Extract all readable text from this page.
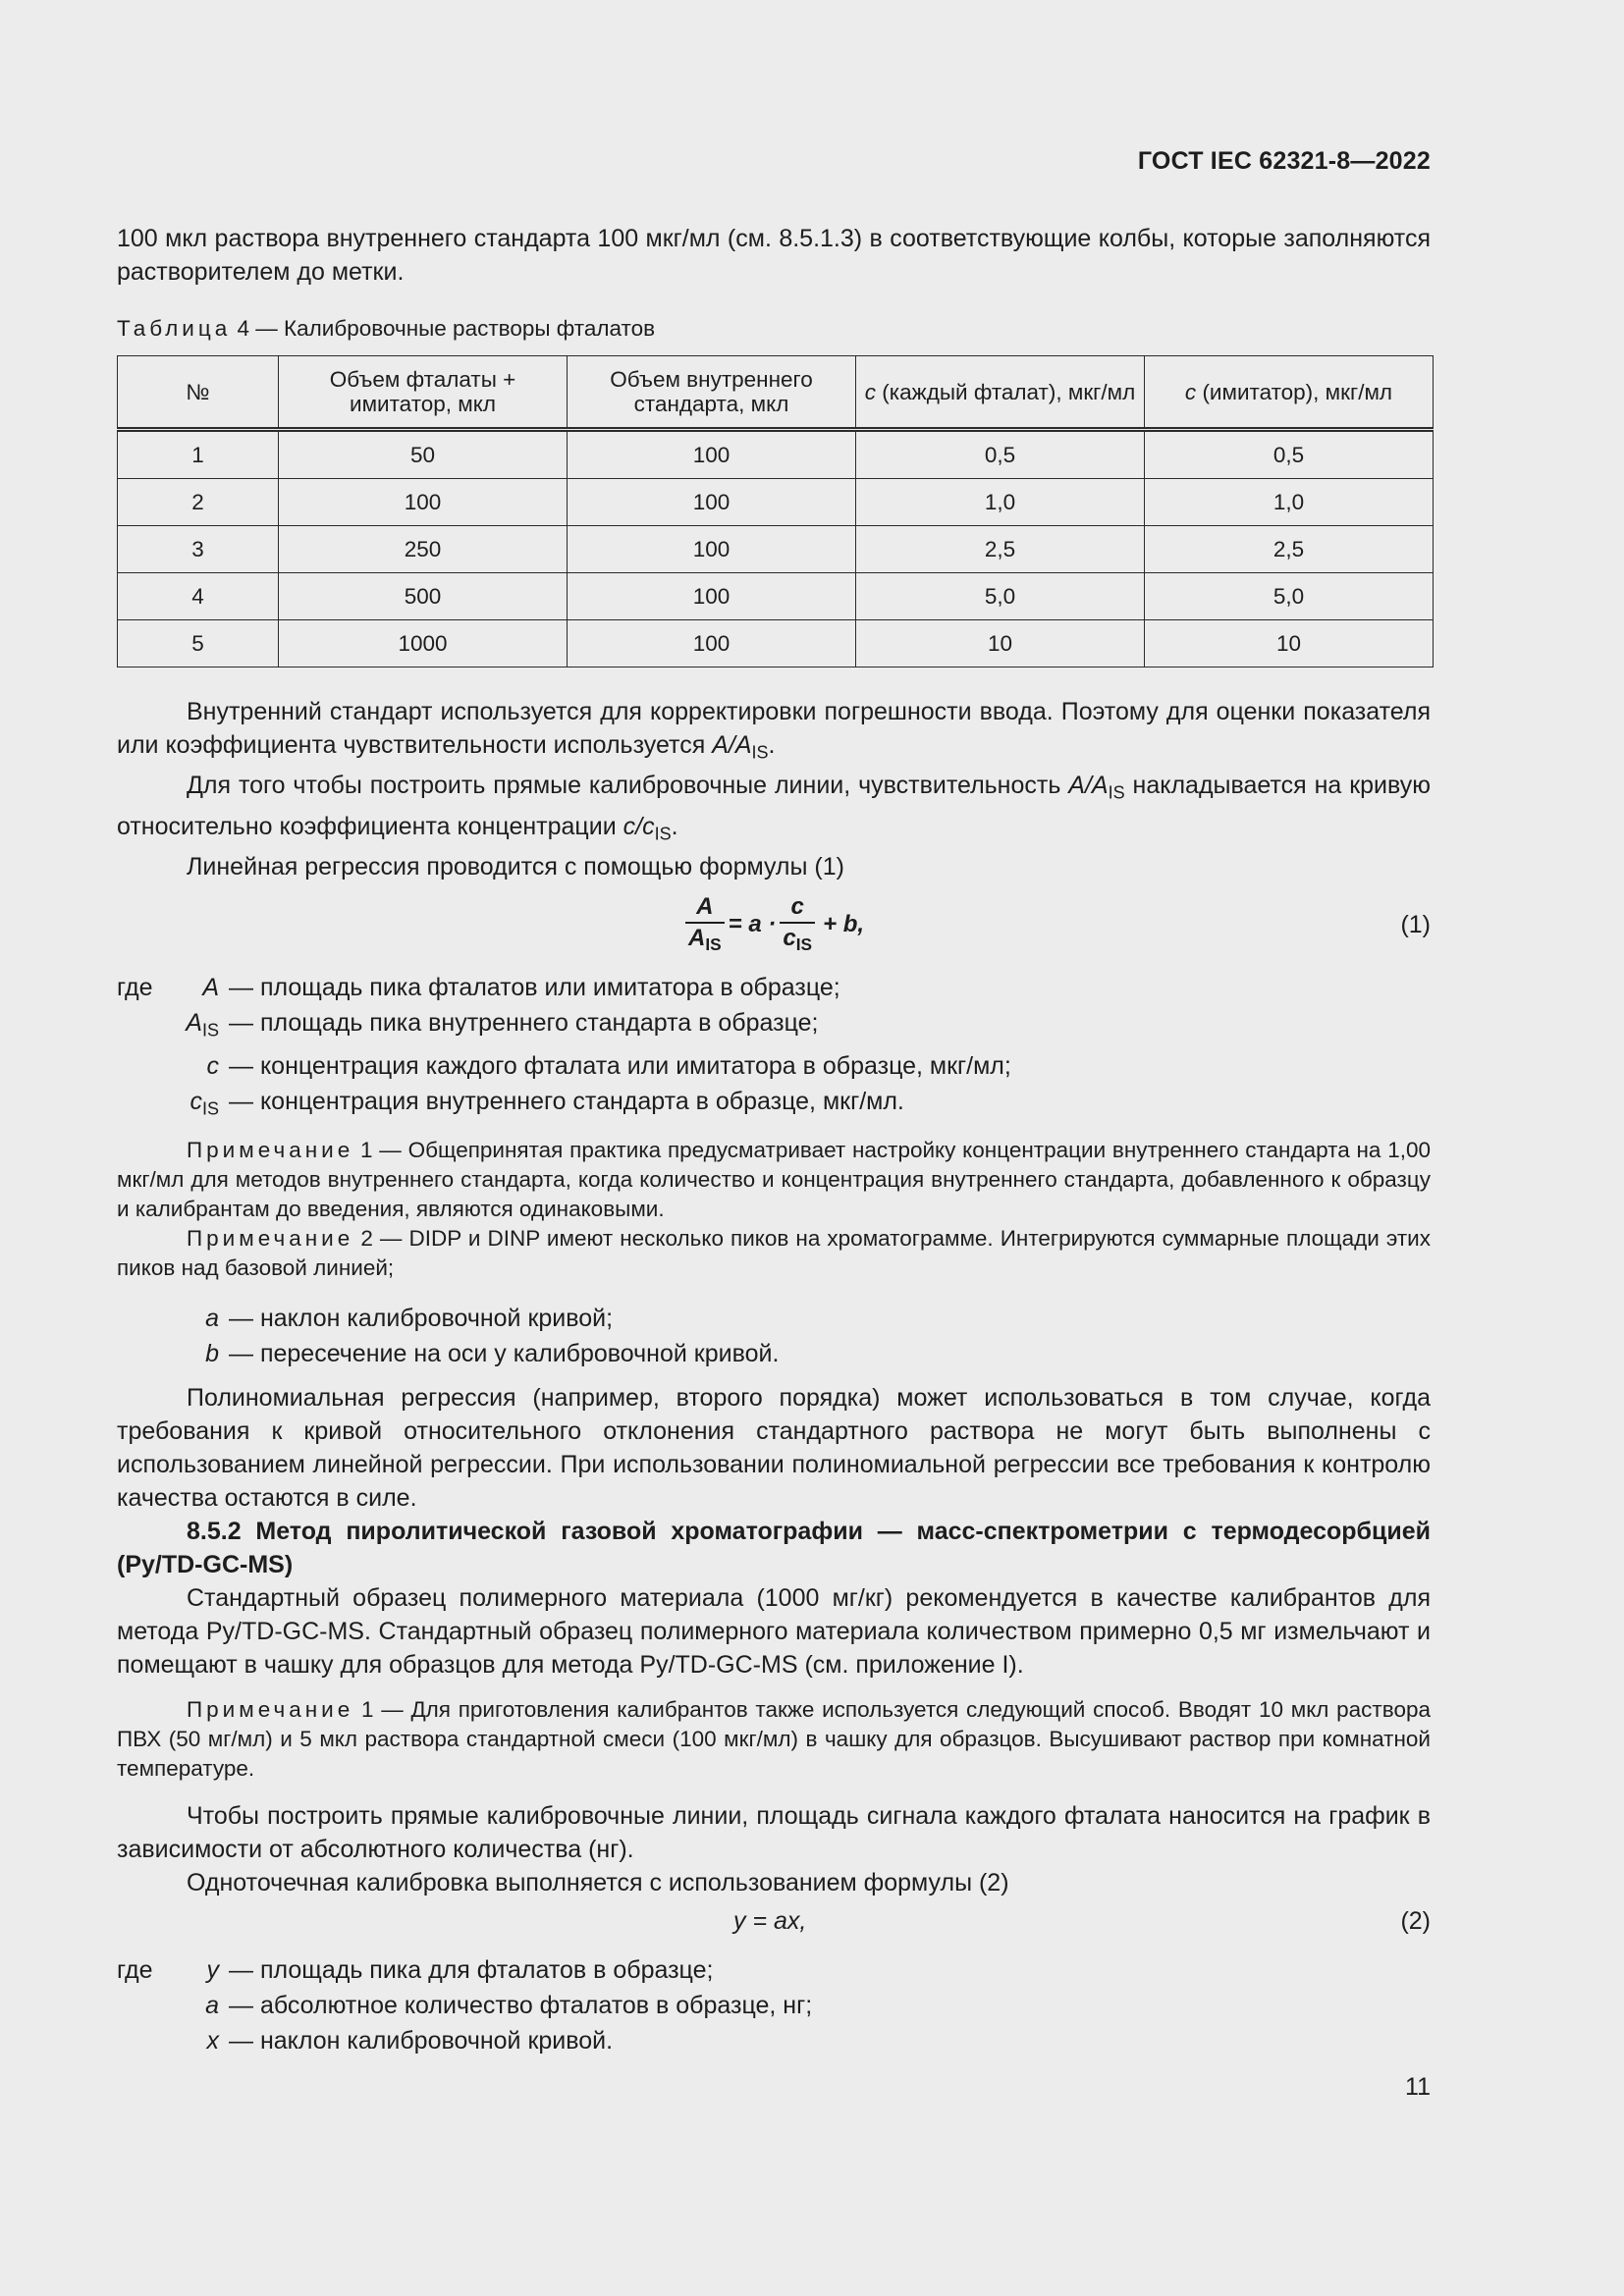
ГОСТ IEC 62321-8—2022

100 мкл раствора внутреннего стандарта 100 мкг/мл (см. 8.5.1.3) в соответствующие колбы, которые заполняются растворителем до метки.

Таблица 4 — Калибровочные растворы фталатов
№	Объем фталаты + имитатор, мкл	Объем внутреннего стандарта, мкл	c (каждый фталат), мкг/мл	c (имитатор), мкг/мл
1	50	100	0,5	0,5
2	100	100	1,0	1,0
3	250	100	2,5	2,5
4	500	100	5,0	5,0
5	1000	100	10	10

Внутренний стандарт используется для корректировки погрешности ввода. Поэтому для оценки показателя или коэффициента чувствительности используется $A/A_{IS}$.

Для того чтобы построить прямые калибровочные линии, чувствительность $A/A_{IS}$ накладывается на кривую относительно коэффициента концентрации $c/c_{IS}$.

Линейная регрессия проводится с помощью формулы (1)

$\frac{A}{A_{IS}} = a \cdot \frac{c}{c_{IS}} + b$,	(1)
где A — площадь пика фталатов или имитатора в образце;
$A_{IS}$ — площадь пика внутреннего стандарта в образце;
c — концентрация каждого фталата или имитатора в образце, мкг/мл;
$c_{IS}$ — концентрация внутреннего стандарта в образце, мкг/мл.

Примечание 1 — Общепринятая практика предусматривает настройку концентрации внутреннего стандарта на 1,00 мкг/мл для методов внутреннего стандарта, когда количество и концентрация внутреннего стандарта, добавленного к образцу и калибрантам до введения, являются одинаковыми.

Примечание 2 — DIDP и DINP имеют несколько пиков на хроматограмме. Интегрируются суммарные площади этих пиков над базовой линией;

a — наклон калибровочной кривой;
b — пересечение на оси у калибровочной кривой.

Полиномиальная регрессия (например, второго порядка) может использоваться в том случае, когда требования к кривой относительного отклонения стандартного раствора не могут быть выполнены с использованием линейной регрессии. При использовании полиномиальной регрессии все требования к контролю качества остаются в силе.

8.5.2 Метод пиролитической газовой хроматографии — масс-спектрометрии с термодесорбцией (Py/TD-GC-MS)

Стандартный образец полимерного материала (1000 мг/кг) рекомендуется в качестве калибрантов для метода Py/TD-GC-MS. Стандартный образец полимерного материала количеством примерно 0,5 мг измельчают и помещают в чашку для образцов для метода Py/TD-GC-MS (см. приложение I).

Примечание 1 — Для приготовления калибрантов также используется следующий способ. Вводят 10 мкл раствора ПВХ (50 мг/мл) и 5 мкл раствора стандартной смеси (100 мкг/мл) в чашку для образцов. Высушивают раствор при комнатной температуре.

Чтобы построить прямые калибровочные линии, площадь сигнала каждого фталата наносится на график в зависимости от абсолютного количества (нг).

Одноточечная калибровка выполняется с использованием формулы (2)

y = ax,	(2)
где y — площадь пика для фталатов в образце;
a — абсолютное количество фталатов в образце, нг;
x — наклон калибровочной кривой.
11
